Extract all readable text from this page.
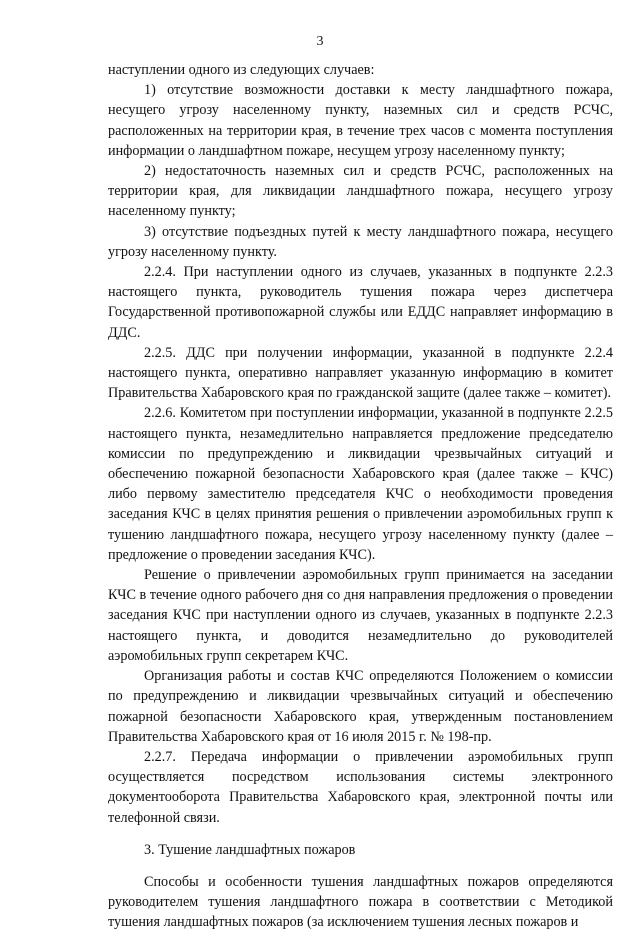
3

наступлении одного из следующих случаев:

1) отсутствие возможности доставки к месту ландшафтного пожара, несущего угрозу населенному пункту, наземных сил и средств РСЧС, расположенных на территории края, в течение трех часов с момента поступления информации о ландшафтном пожаре, несущем угрозу населенному пункту;

2) недостаточность наземных сил и средств РСЧС, расположенных на территории края, для ликвидации ландшафтного пожара, несущего угрозу населенному пункту;

3) отсутствие подъездных путей к месту ландшафтного пожара, несущего угрозу населенному пункту.

2.2.4. При наступлении одного из случаев, указанных в подпункте 2.2.3 настоящего пункта, руководитель тушения пожара через диспетчера Государственной противопожарной службы или ЕДДС направляет информацию в ДДС.

2.2.5. ДДС при получении информации, указанной в подпункте 2.2.4 настоящего пункта, оперативно направляет указанную информацию в комитет Правительства Хабаровского края по гражданской защите (далее также – комитет).

2.2.6. Комитетом при поступлении информации, указанной в подпункте 2.2.5 настоящего пункта, незамедлительно направляется предложение председателю комиссии по предупреждению и ликвидации чрезвычайных ситуаций и обеспечению пожарной безопасности Хабаровского края (далее также – КЧС) либо первому заместителю председателя КЧС о необходимости проведения заседания КЧС в целях принятия решения о привлечении аэромобильных групп к тушению ландшафтного пожара, несущего угрозу населенному пункту (далее – предложение о проведении заседания КЧС).

Решение о привлечении аэромобильных групп принимается на заседании КЧС в течение одного рабочего дня со дня направления предложения о проведении заседания КЧС при наступлении одного из случаев, указанных в подпункте 2.2.3 настоящего пункта, и доводится незамедлительно до руководителей аэромобильных групп секретарем КЧС.

Организация работы и состав КЧС определяются Положением о комиссии по предупреждению и ликвидации чрезвычайных ситуаций и обеспечению пожарной безопасности Хабаровского края, утвержденным постановлением Правительства Хабаровского края от 16 июля 2015 г. № 198-пр.

2.2.7. Передача информации о привлечении аэромобильных групп осуществляется посредством использования системы электронного документооборота Правительства Хабаровского края, электронной почты или телефонной связи.

3. Тушение ландшафтных пожаров

Способы и особенности тушения ландшафтных пожаров определяются руководителем тушения ландшафтного пожара в соответствии с Методикой тушения ландшафтных пожаров (за исключением тушения лесных пожаров и
